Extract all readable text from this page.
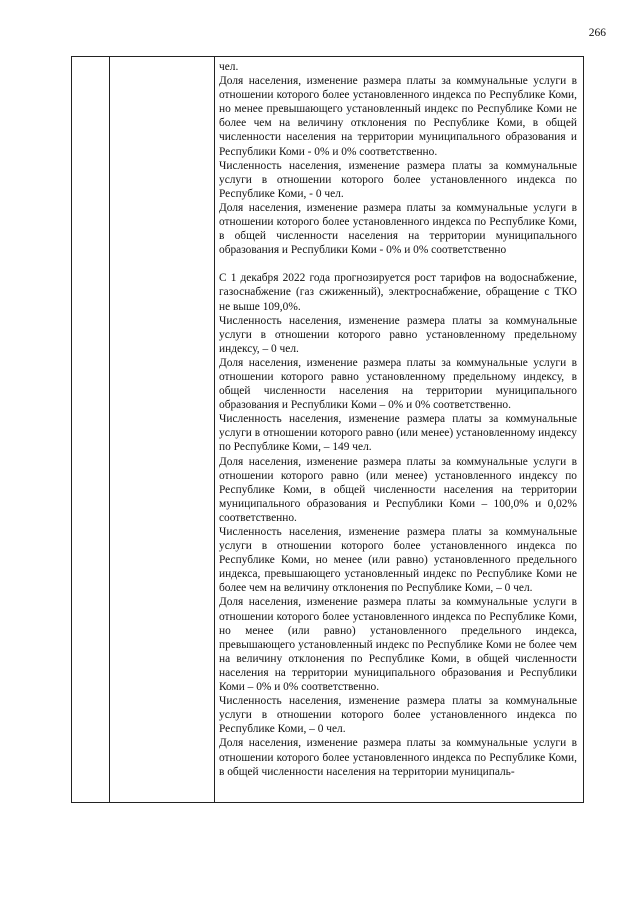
266

чел.

Доля населения, изменение размера платы за коммунальные услуги в отношении которого более установленного индекса по Республике Коми, но менее превышающего установленный индекс по Республике Коми не более чем на величину отклонения по Республике Коми, в общей численности населения на территории муниципального образования и Республики Коми - 0% и 0% соответственно.

Численность населения, изменение размера платы за коммунальные услуги в отношении которого более установленного индекса по Республике Коми, - 0 чел.

Доля населения, изменение размера платы за коммунальные услуги в отношении которого более установленного индекса по Республике Коми, в общей численности населения на территории муниципального образования и Республики Коми - 0% и 0% соответственно

С 1 декабря 2022 года прогнозируется рост тарифов на водоснабжение, газоснабжение (газ сжиженный), электроснабжение, обращение с ТКО не выше 109,0%.

Численность населения, изменение размера платы за коммунальные услуги в отношении которого равно установленному предельному индексу, – 0 чел.

Доля населения, изменение размера платы за коммунальные услуги в отношении которого равно установленному предельному индексу, в общей численности населения на территории муниципального образования и Республики Коми – 0% и 0% соответственно.

Численность населения, изменение размера платы за коммунальные услуги в отношении которого равно (или менее) установленному индексу по Республике Коми, – 149 чел.

Доля населения, изменение размера платы за коммунальные услуги в отношении которого равно (или менее) установленного индексу по Республике Коми, в общей численности населения на территории муниципального образования и Республики Коми – 100,0% и 0,02% соответственно.

Численность населения, изменение размера платы за коммунальные услуги в отношении которого более установленного индекса по Республике Коми, но менее (или равно) установленного предельного индекса, превышающего установленный индекс по Республике Коми не более чем на величину отклонения по Республике Коми, – 0 чел.

Доля населения, изменение размера платы за коммунальные услуги в отношении которого более установленного индекса по Республике Коми, но менее (или равно) установленного предельного индекса, превышающего установленный индекс по Республике Коми не более чем на величину отклонения по Республике Коми, в общей численности населения на территории муниципального образования и Республики Коми – 0% и 0% соответственно.

Численность населения, изменение размера платы за коммунальные услуги в отношении которого более установленного индекса по Республике Коми, – 0 чел.

Доля населения, изменение размера платы за коммунальные услуги в отношении которого более установленного индекса по Республике Коми, в общей численности населения на территории муниципаль-
